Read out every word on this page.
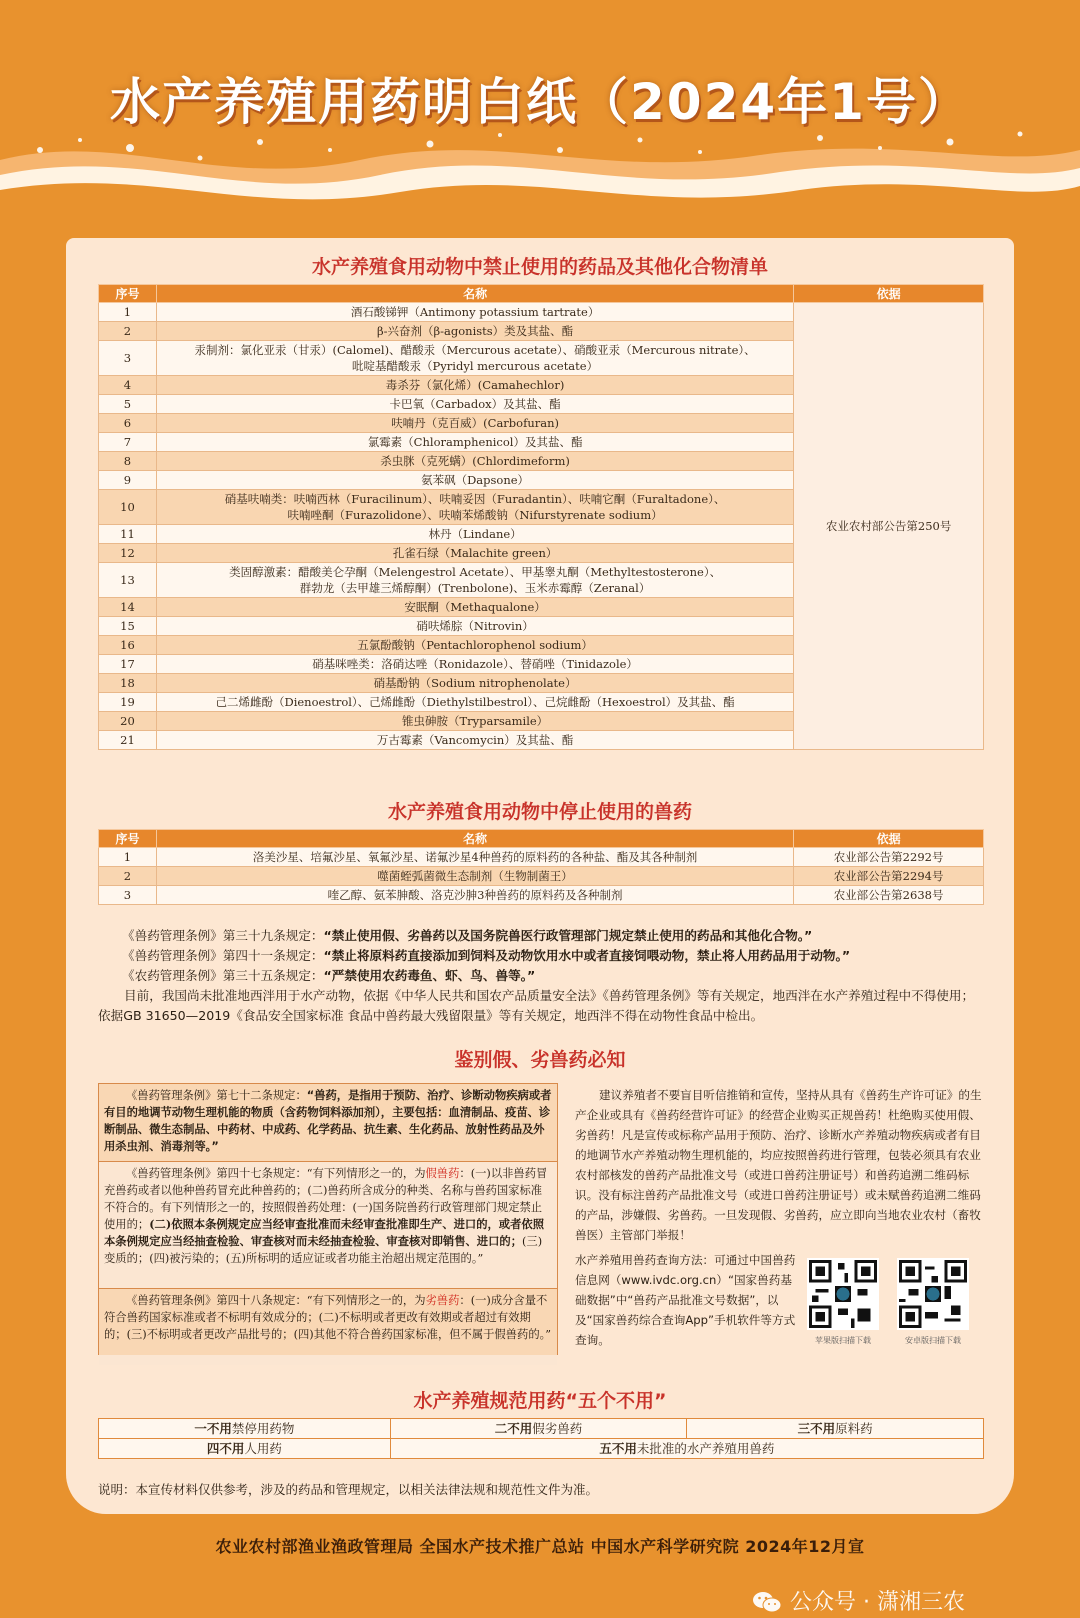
水产养殖用药明白纸（2024年1号）
水产养殖食用动物中禁止使用的药品及其他化合物清单
序号	名称	依据
1	酒石酸锑钾（Antimony potassium tartrate）	农业农村部公告第250号
2	β-兴奋剂（β-agonists）类及其盐、酯	
3	汞制剂：氯化亚汞（甘汞）(Calomel)、醋酸汞（Mercurous acetate）、硝酸亚汞（Mercurous nitrate）、
吡啶基醋酸汞（Pyridyl mercurous acetate）	

4	毒杀芬（氯化烯）(Camahechlor)	
5	卡巴氧（Carbadox）及其盐、酯	
6	呋喃丹（克百威）(Carbofuran)	
7	氯霉素（Chloramphenicol）及其盐、酯	
8	杀虫脒（克死螨）(Chlordimeform)	
9	氨苯砜（Dapsone）	
10	硝基呋喃类：呋喃西林（Furacilinum）、呋喃妥因（Furadantin）、呋喃它酮（Furaltadone）、
呋喃唑酮（Furazolidone）、呋喃苯烯酸钠（Nifurstyrenate sodium）	

11	林丹（Lindane）	
12	孔雀石绿（Malachite green）	
13	类固醇激素：醋酸美仑孕酮（Melengestrol Acetate）、甲基睾丸酮（Methyltestosterone）、
群勃龙（去甲雄三烯醇酮）(Trenbolone)、玉米赤霉醇（Zeranal）	

14	安眠酮（Methaqualone）	
15	硝呋烯腙（Nitrovin）	
16	五氯酚酸钠（Pentachlorophenol sodium）	
17	硝基咪唑类：洛硝达唑（Ronidazole）、替硝唑（Tinidazole）	
18	硝基酚钠（Sodium nitrophenolate）	
19	己二烯雌酚（Dienoestrol）、己烯雌酚（Diethylstilbestrol）、己烷雌酚（Hexoestrol）及其盐、酯	
20	锥虫砷胺（Tryparsamile）	
21	万古霉素（Vancomycin）及其盐、酯	
水产养殖食用动物中停止使用的兽药
序号	名称	依据
1	洛美沙星、培氟沙星、氧氟沙星、诺氟沙星4种兽药的原料药的各种盐、酯及其各种制剂	农业部公告第2292号
2	噬菌蛭弧菌微生态制剂（生物制菌王）	农业部公告第2294号
3	喹乙醇、氨苯胂酸、洛克沙胂3种兽药的原料药及各种制剂	农业部公告第2638号
《兽药管理条例》第三十九条规定：“禁止使用假、劣兽药以及国务院兽医行政管理部门规定禁止使用的药品和其他化合物。”
《兽药管理条例》第四十一条规定：“禁止将原料药直接添加到饲料及动物饮用水中或者直接饲喂动物，禁止将人用药品用于动物。”
《农药管理条例》第三十五条规定：“严禁使用农药毒鱼、虾、鸟、兽等。”
目前，我国尚未批准地西泮用于水产动物，依据《中华人民共和国农产品质量安全法》《兽药管理条例》等有关规定，地西泮在水产养殖过程中不得使用；依据GB 31650—2019《食品安全国家标准 食品中兽药最大残留限量》等有关规定，地西泮不得在动物性食品中检出。
鉴别假、劣兽药必知
《兽药管理条例》第七十二条规定：“兽药，是指用于预防、治疗、诊断动物疾病或者有目的地调节动物生理机能的物质（含药物饲料添加剂），主要包括：血清制品、疫苗、诊断制品、微生态制品、中药材、中成药、化学药品、抗生素、生化药品、放射性药品及外用杀虫剂、消毒剂等。”
《兽药管理条例》第四十七条规定：“有下列情形之一的，为假兽药：(一)以非兽药冒充兽药或者以他种兽药冒充此种兽药的；(二)兽药所含成分的种类、名称与兽药国家标准不符合的。有下列情形之一的，按照假兽药处理：(一)国务院兽药行政管理部门规定禁止使用的；(二)依照本条例规定应当经审查批准而未经审查批准即生产、进口的，或者依照本条例规定应当经抽查检验、审查核对而未经抽查检验、审查核对即销售、进口的；(三)变质的；(四)被污染的；(五)所标明的适应证或者功能主治超出规定范围的。”
《兽药管理条例》第四十八条规定：“有下列情形之一的，为劣兽药：(一)成分含量不符合兽药国家标准或者不标明有效成分的；(二)不标明或者更改有效期或者超过有效期的；(三)不标明或者更改产品批号的；(四)其他不符合兽药国家标准，但不属于假兽药的。”
建议养殖者不要盲目听信推销和宣传，坚持从具有《兽药生产许可证》的生产企业或具有《兽药经营许可证》的经营企业购买正规兽药！杜绝购买使用假、劣兽药！凡是宣传或标称产品用于预防、治疗、诊断水产养殖动物疾病或者有目的地调节水产养殖动物生理机能的，均应按照兽药进行管理，包装必须具有农业农村部核发的兽药产品批准文号（或进口兽药注册证号）和兽药追溯二维码标识。没有标注兽药产品批准文号（或进口兽药注册证号）或未赋兽药追溯二维码的产品，涉嫌假、劣兽药。一旦发现假、劣兽药，应立即向当地农业农村（畜牧兽医）主管部门举报！
水产养殖用兽药查询方法：可通过中国兽药信息网（www.ivdc.org.cn）“国家兽药基础数据”中“兽药产品批准文号数据”，以及“国家兽药综合查询App”手机软件等方式查询。	苹果版扫描下载	安卓版扫描下载
水产养殖规范用药“五个不用”
一不用禁停用药物	二不用假劣兽药	三不用原料药
四不用人用药	五不用未批准的水产养殖用兽药	
说明：本宣传材料仅供参考，涉及的药品和管理规定，以相关法律法规和规范性文件为准。
农业农村部渔业渔政管理局 全国水产技术推广总站 中国水产科学研究院 2024年12月宣
公众号 · 潇湘三农
